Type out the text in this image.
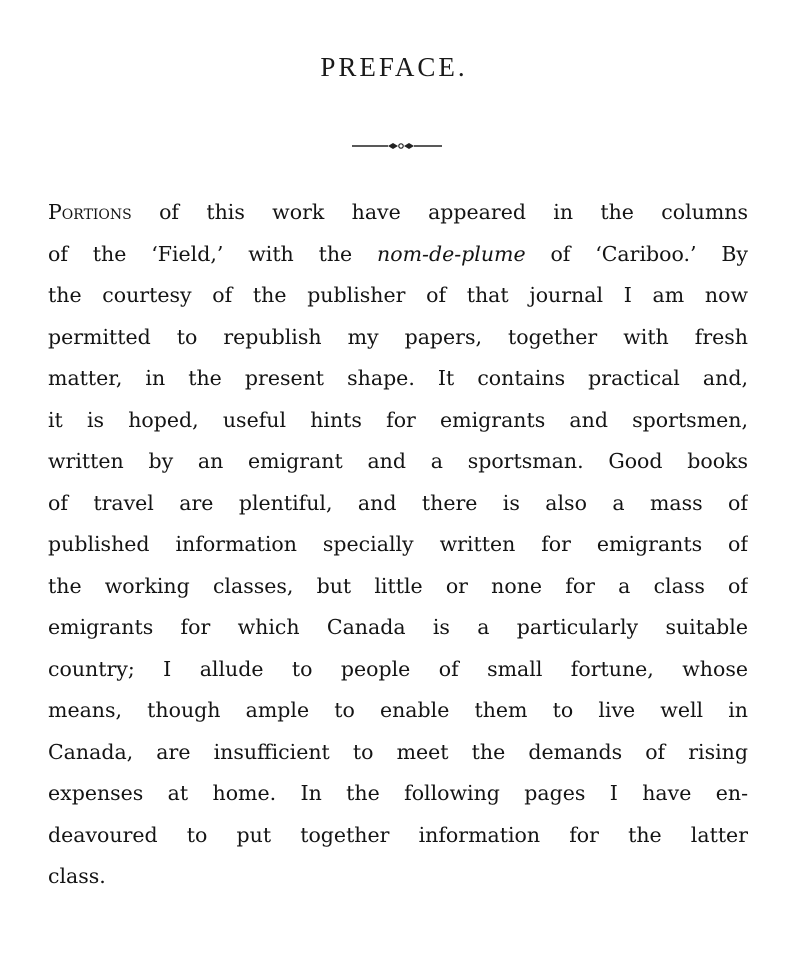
PREFACE.
Portions of this work have appeared in the columns
of the ‘Field,’ with the nom-de-plume of ‘Cariboo.’ By
the courtesy of the publisher of that journal I am now
permitted to republish my papers, together with fresh
matter, in the present shape. It contains practical and,
it is hoped, useful hints for emigrants and sportsmen,
written by an emigrant and a sportsman. Good books
of travel are plentiful, and there is also a mass of
published information specially written for emigrants of
the working classes, but little or none for a class of
emigrants for which Canada is a particularly suitable
country; I allude to people of small fortune, whose
means, though ample to enable them to live well in
Canada, are insufficient to meet the demands of rising
expenses at home. In the following pages I have en-
deavoured to put together information for the latter
class.
